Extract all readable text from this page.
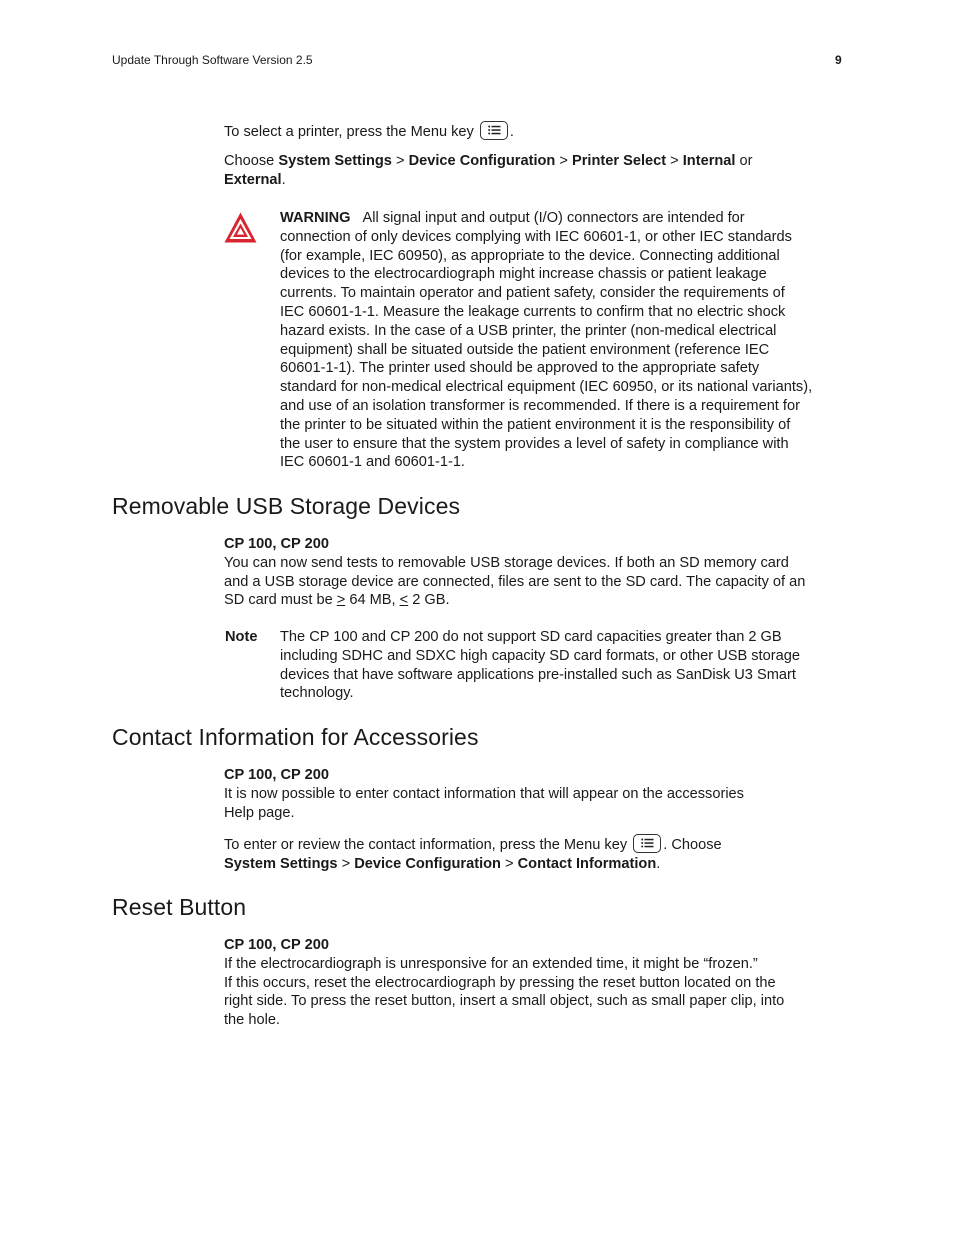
Update Through Software Version 2.5	9
To select a printer, press the Menu key .
Choose System Settings > Device Configuration > Printer Select > Internal or
External.
WARNING All signal input and output (I/O) connectors are intended for
connection of only devices complying with IEC 60601-1, or other IEC standards
(for example, IEC 60950), as appropriate to the device. Connecting additional
devices to the electrocardiograph might increase chassis or patient leakage
currents. To maintain operator and patient safety, consider the requirements of
IEC 60601-1-1. Measure the leakage currents to confirm that no electric shock
hazard exists. In the case of a USB printer, the printer (non-medical electrical
equipment) shall be situated outside the patient environment (reference IEC
60601-1-1). The printer used should be approved to the appropriate safety
standard for non-medical electrical equipment (IEC 60950, or its national variants),
and use of an isolation transformer is recommended. If there is a requirement for
the printer to be situated within the patient environment it is the responsibility of
the user to ensure that the system provides a level of safety in compliance with
IEC 60601-1 and 60601-1-1.
Removable USB Storage Devices
CP 100, CP 200
You can now send tests to removable USB storage devices. If both an SD memory card
and a USB storage device are connected, files are sent to the SD card. The capacity of an
SD card must be > 64 MB, < 2 GB.
Note The CP 100 and CP 200 do not support SD card capacities greater than 2 GB
including SDHC and SDXC high capacity SD card formats, or other USB storage
devices that have software applications pre-installed such as SanDisk U3 Smart
technology.
Contact Information for Accessories
CP 100, CP 200
It is now possible to enter contact information that will appear on the accessories
Help page.
To enter or review the contact information, press the Menu key . Choose
System Settings > Device Configuration > Contact Information.
Reset Button
CP 100, CP 200
If the electrocardiograph is unresponsive for an extended time, it might be “frozen.”
If this occurs, reset the electrocardiograph by pressing the reset button located on the
right side. To press the reset button, insert a small object, such as small paper clip, into
the hole.
